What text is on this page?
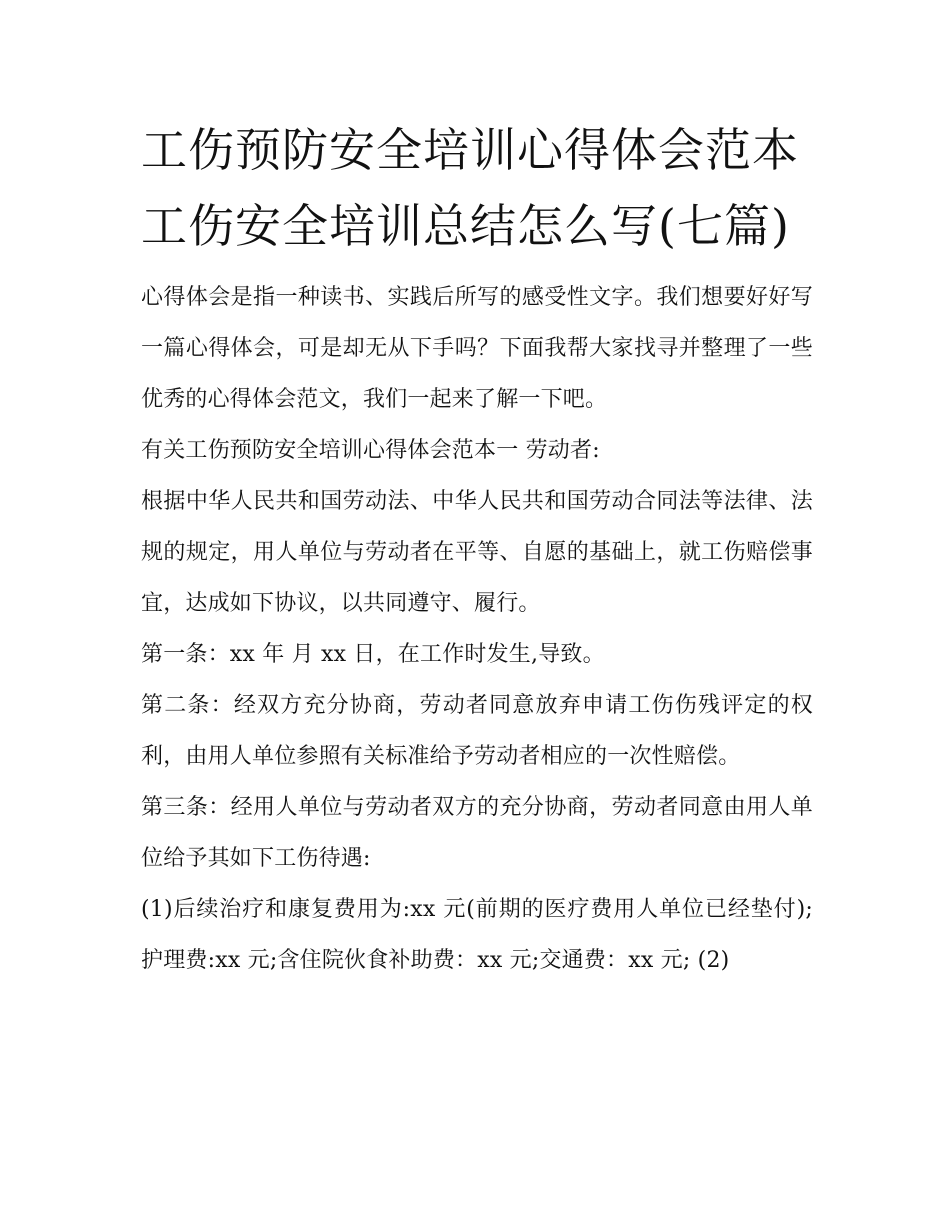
工伤预防安全培训心得体会范本 工伤安全培训总结怎么写(七篇)

心得体会是指一种读书、实践后所写的感受性文字。我们想要好好写一篇心得体会，可是却无从下手吗？下面我帮大家找寻并整理了一些优秀的心得体会范文，我们一起来了解一下吧。

有关工伤预防安全培训心得体会范本一 劳动者:

根据中华人民共和国劳动法、中华人民共和国劳动合同法等法律、法规的规定，用人单位与劳动者在平等、自愿的基础上，就工伤赔偿事宜，达成如下协议，以共同遵守、履行。

第一条：xx 年 月 xx 日，在工作时发生,导致。

第二条：经双方充分协商，劳动者同意放弃申请工伤伤残评定的权利，由用人单位参照有关标准给予劳动者相应的一次性赔偿。

第三条：经用人单位与劳动者双方的充分协商，劳动者同意由用人单位给予其如下工伤待遇:

(1)后续治疗和康复费用为:xx 元(前期的医疗费用人单位已经垫付);护理费:xx 元;含住院伙食补助费：xx 元;交通费：xx 元; (2)
